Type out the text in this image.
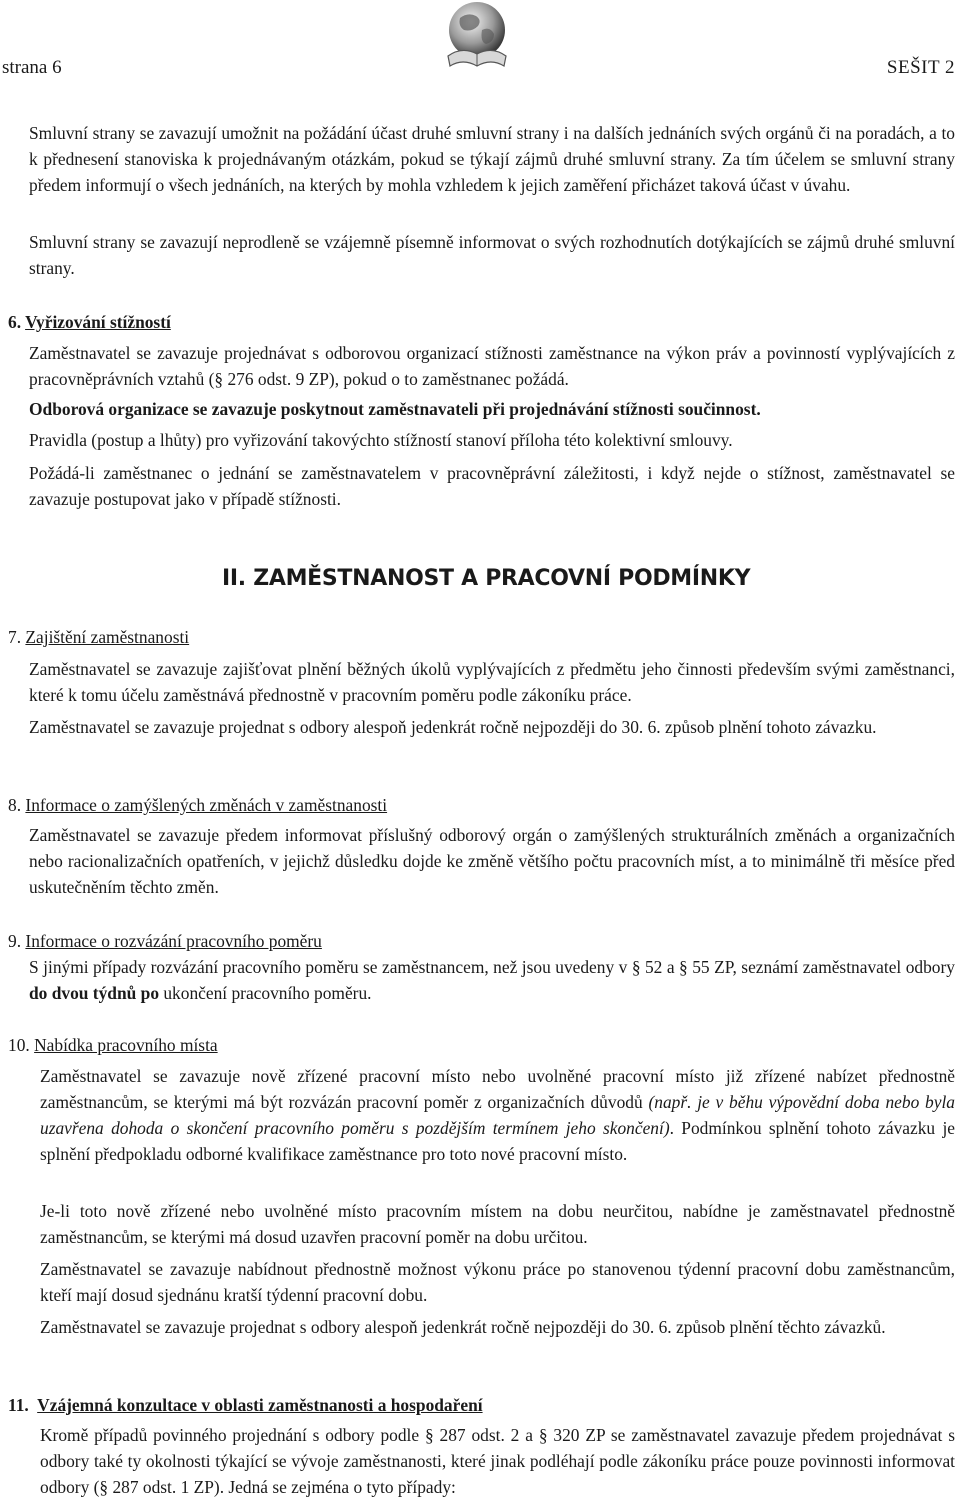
strana 6	SEŠIT 2

Smluvní strany se zavazují umožnit na požádání účast druhé smluvní strany i na dalších jednáních svých orgánů či na poradách, a to k přednesení stanoviska k projednávaným otázkám, pokud se týkají zájmů druhé smluvní strany. Za tím účelem se smluvní strany předem informují o všech jednáních, na kterých by mohla vzhledem k jejich zaměření přicházet taková účast v úvahu.

Smluvní strany se zavazují neprodleně se vzájemně písemně informovat o svých rozhodnutích dotýkajících se zájmů druhé smluvní strany.

6. Vyřizování stížností

Zaměstnavatel se zavazuje projednávat s odborovou organizací stížnosti zaměstnance na výkon práv a povinností vyplývajících z pracovněprávních vztahů (§ 276 odst. 9 ZP), pokud o to zaměstnanec požádá.

Odborová organizace se zavazuje poskytnout zaměstnavateli při projednávání stížnosti součinnost.

Pravidla (postup a lhůty) pro vyřizování takovýchto stížností stanoví příloha této kolektivní smlouvy.

Požádá-li zaměstnanec o jednání se zaměstnavatelem v pracovněprávní záležitosti, i když nejde o stížnost, zaměstnavatel se zavazuje postupovat jako v případě stížnosti.

II. ZAMĚSTNANOST A PRACOVNÍ PODMÍNKY

7. Zajištění zaměstnanosti

Zaměstnavatel se zavazuje zajišťovat plnění běžných úkolů vyplývajících z předmětu jeho činnosti především svými zaměstnanci, které k tomu účelu zaměstnává přednostně v pracovním poměru podle zákoníku práce.

Zaměstnavatel se zavazuje projednat s odbory alespoň jedenkrát ročně nejpozději do 30. 6. způsob plnění tohoto závazku.

8. Informace o zamýšlených změnách v zaměstnanosti

Zaměstnavatel se zavazuje předem informovat příslušný odborový orgán o zamýšlených strukturálních změnách a organizačních nebo racionalizačních opatřeních, v jejichž důsledku dojde ke změně většího počtu pracovních míst, a to minimálně tři měsíce před uskutečněním těchto změn.

9. Informace o rozvázání pracovního poměru

S jinými případy rozvázání pracovního poměru se zaměstnancem, než jsou uvedeny v § 52 a § 55 ZP, seznámí zaměstnavatel odbory do dvou týdnů po ukončení pracovního poměru.

10. Nabídka pracovního místa

Zaměstnavatel se zavazuje nově zřízené pracovní místo nebo uvolněné pracovní místo již zřízené nabízet přednostně zaměstnancům, se kterými má být rozvázán pracovní poměr z organizačních důvodů (např. je v běhu výpovědní doba nebo byla uzavřena dohoda o skončení pracovního poměru s pozdějším termínem jeho skončení). Podmínkou splnění tohoto závazku je splnění předpokladu odborné kvalifikace zaměstnance pro toto nové pracovní místo.

Je-li toto nově zřízené nebo uvolněné místo pracovním místem na dobu neurčitou, nabídne je zaměstnavatel přednostně zaměstnancům, se kterými má dosud uzavřen pracovní poměr na dobu určitou.

Zaměstnavatel se zavazuje nabídnout přednostně možnost výkonu práce po stanovenou týdenní pracovní dobu zaměstnancům, kteří mají dosud sjednánu kratší týdenní pracovní dobu.

Zaměstnavatel se zavazuje projednat s odbory alespoň jedenkrát ročně nejpozději do 30. 6. způsob plnění těchto závazků.

11. Vzájemná konzultace v oblasti zaměstnanosti a hospodaření

Kromě případů povinného projednání s odbory podle § 287 odst. 2 a § 320 ZP se zaměstnavatel zavazuje předem projednávat s odbory také ty okolnosti týkající se vývoje zaměstnanosti, které jinak podléhají podle zákoníku práce pouze povinnosti informovat odbory (§ 287 odst. 1 ZP). Jedná se zejména o tyto případy:
